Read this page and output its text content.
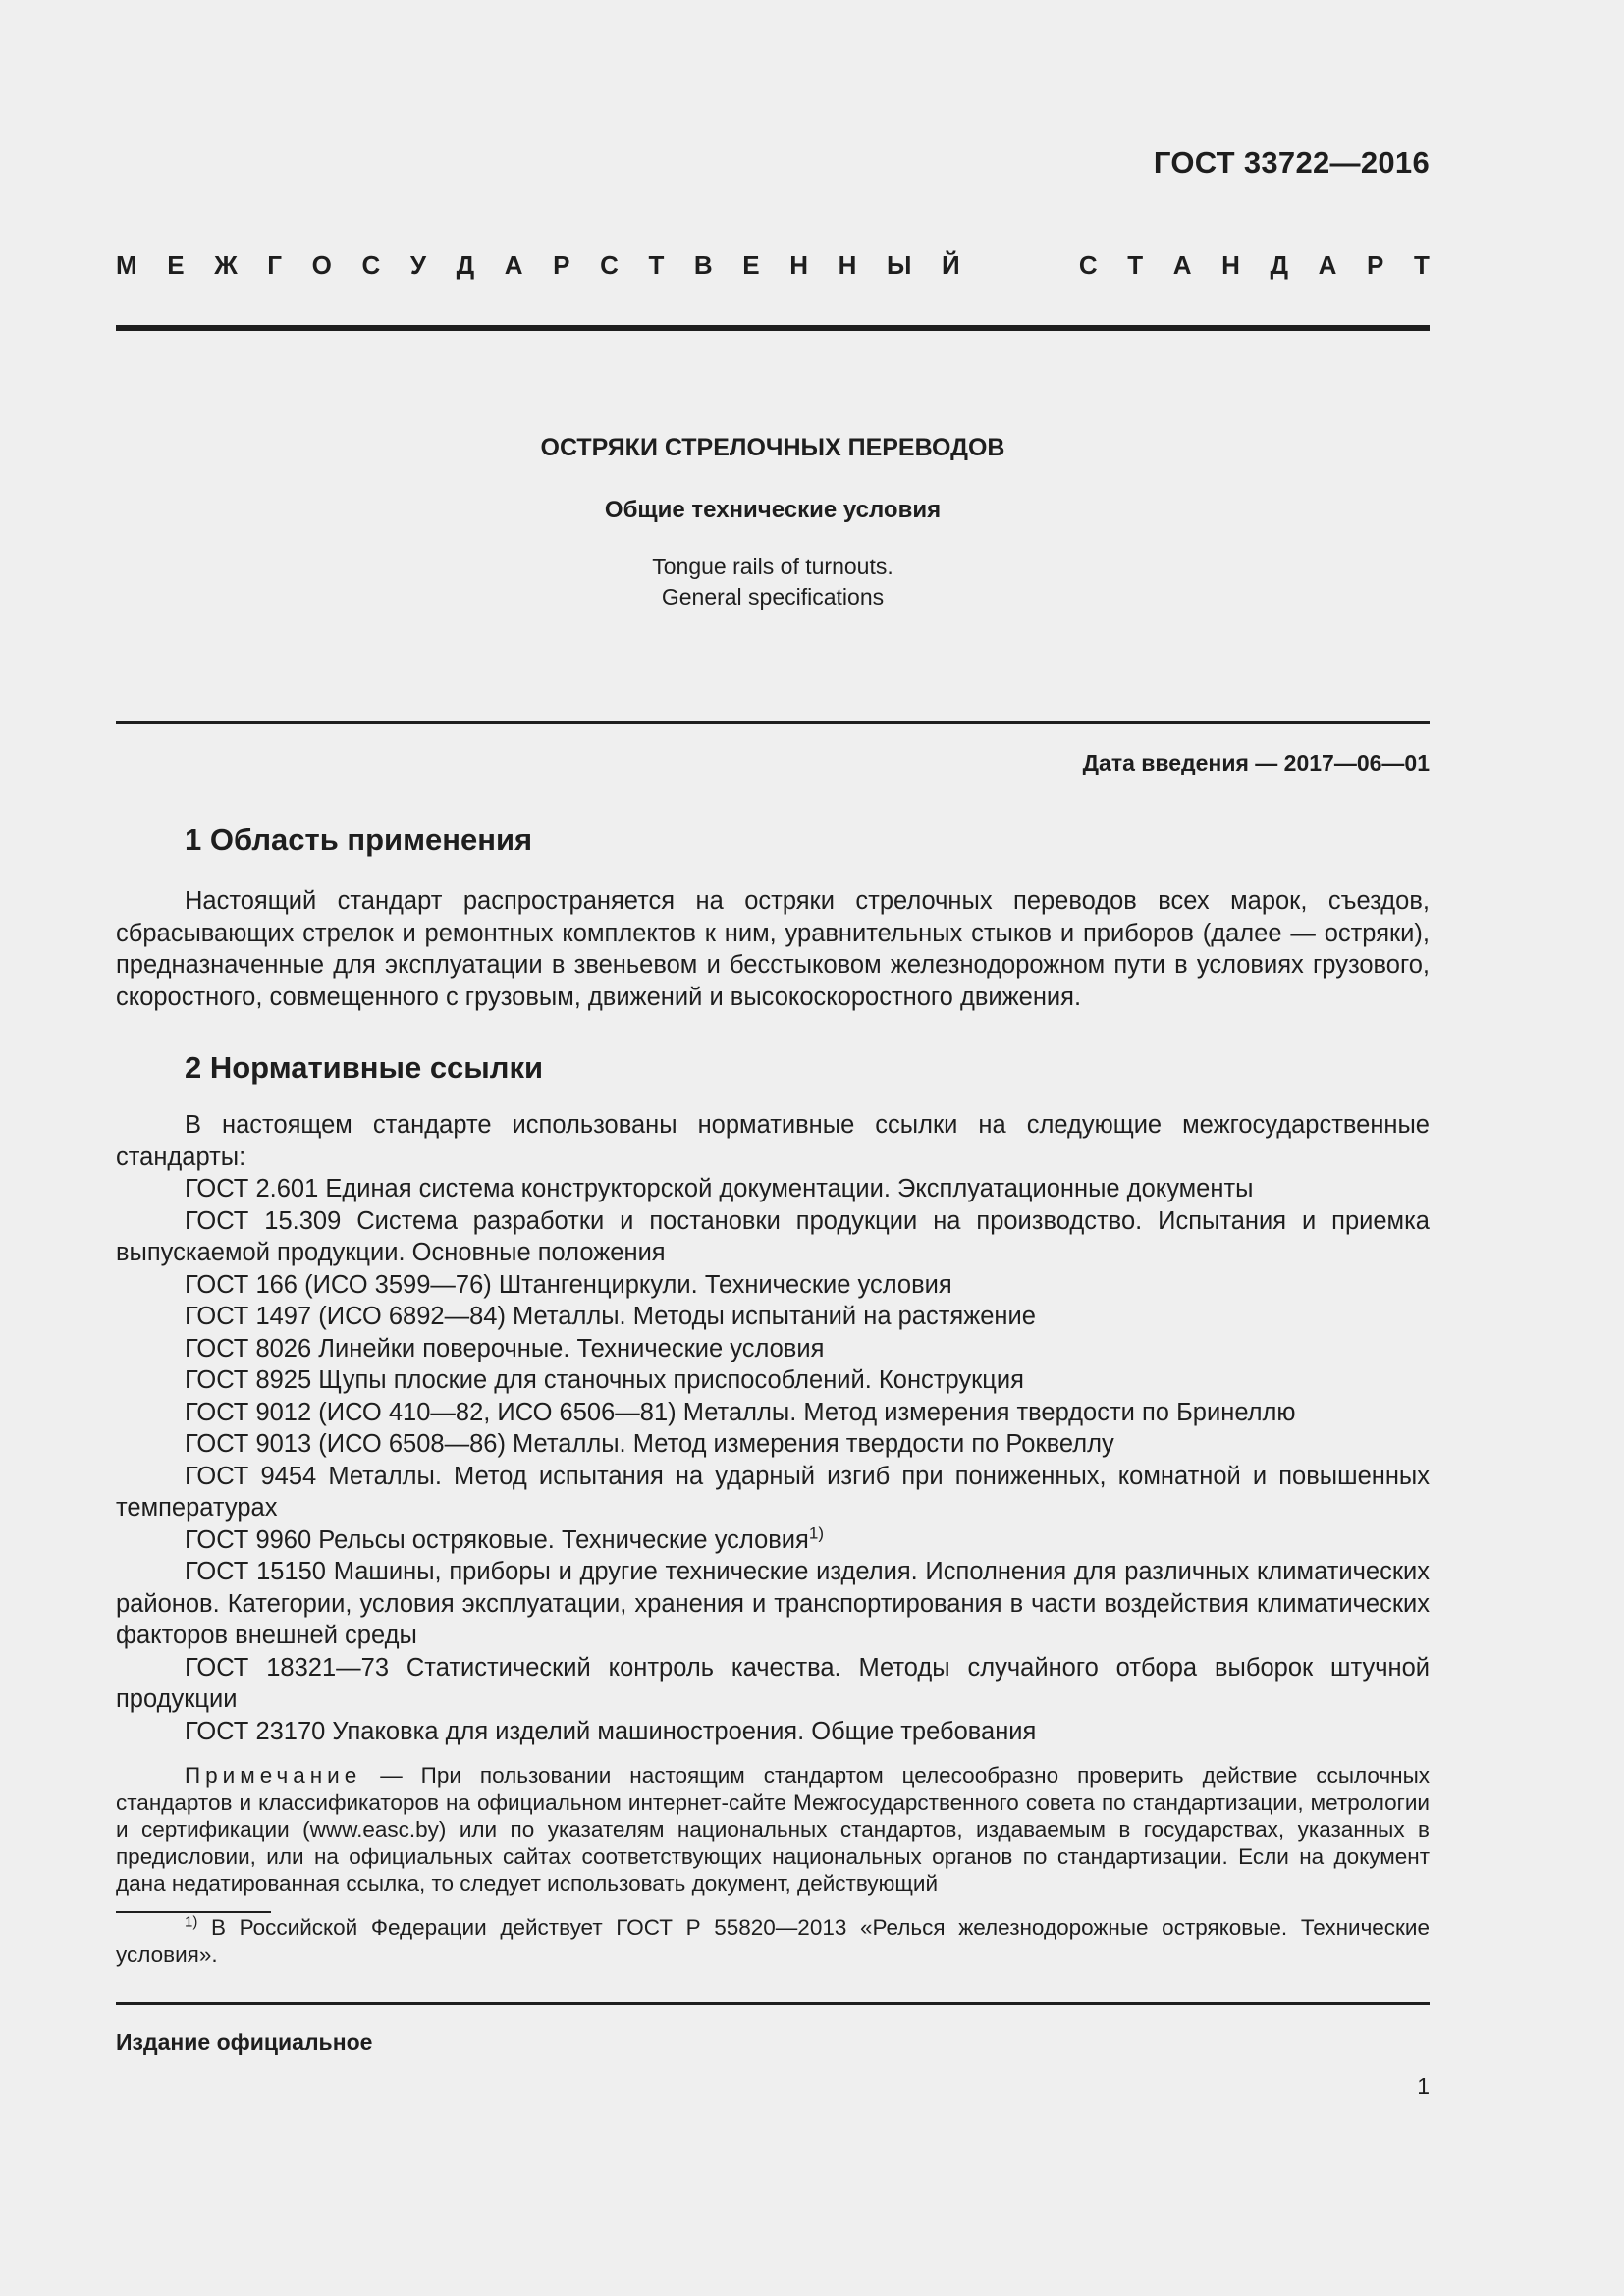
ГОСТ 33722—2016
М Е Ж Г О С У Д А Р С Т В Е Н Н Ы Й	С Т А Н Д А Р Т

ОСТРЯКИ СТРЕЛОЧНЫХ ПЕРЕВОДОВ

Общие технические условия

Tongue rails of turnouts.
General specifications

Дата введения — 2017—06—01
1 Область применения

Настоящий стандарт распространяется на остряки стрелочных переводов всех марок, съездов, сбрасывающих стрелок и ремонтных комплектов к ним, уравнительных стыков и приборов (далее — остряки), предназначенные для эксплуатации в звеньевом и бесстыковом железнодорожном пути в условиях грузового, скоростного, совмещенного с грузовым, движений и высокоскоростного движения.

2 Нормативные ссылки

В настоящем стандарте использованы нормативные ссылки на следующие межгосударственные стандарты:

ГОСТ 2.601 Единая система конструкторской документации. Эксплуатационные документы

ГОСТ 15.309 Система разработки и постановки продукции на производство. Испытания и приемка выпускаемой продукции. Основные положения

ГОСТ 166 (ИСО 3599—76) Штангенциркули. Технические условия

ГОСТ 1497 (ИСО 6892—84) Металлы. Методы испытаний на растяжение

ГОСТ 8026 Линейки поверочные. Технические условия

ГОСТ 8925 Щупы плоские для станочных приспособлений. Конструкция

ГОСТ 9012 (ИСО 410—82, ИСО 6506—81) Металлы. Метод измерения твердости по Бринеллю

ГОСТ 9013 (ИСО 6508—86) Металлы. Метод измерения твердости по Роквеллу

ГОСТ 9454 Металлы. Метод испытания на ударный изгиб при пониженных, комнатной и повышенных температурах

ГОСТ 9960 Рельсы остряковые. Технические условия$^{1)}$

ГОСТ 15150 Машины, приборы и другие технические изделия. Исполнения для различных климатических районов. Категории, условия эксплуатации, хранения и транспортирования в части воздействия климатических факторов внешней среды

ГОСТ 18321—73 Статистический контроль качества. Методы случайного отбора выборок штучной продукции

ГОСТ 23170 Упаковка для изделий машиностроения. Общие требования

Примечание — При пользовании настоящим стандартом целесообразно проверить действие ссылочных стандартов и классификаторов на официальном интернет-сайте Межгосударственного совета по стандартизации, метрологии и сертификации (www.easc.by) или по указателям национальных стандартов, издаваемым в государствах, указанных в предисловии, или на официальных сайтах соответствующих национальных органов по стандартизации. Если на документ дана недатированная ссылка, то следует использовать документ, действующий

$^{1)}$ В Российской Федерации действует ГОСТ Р 55820—2013 «Релься железнодорожные остряковые. Технические условия».

Издание официальное
1
